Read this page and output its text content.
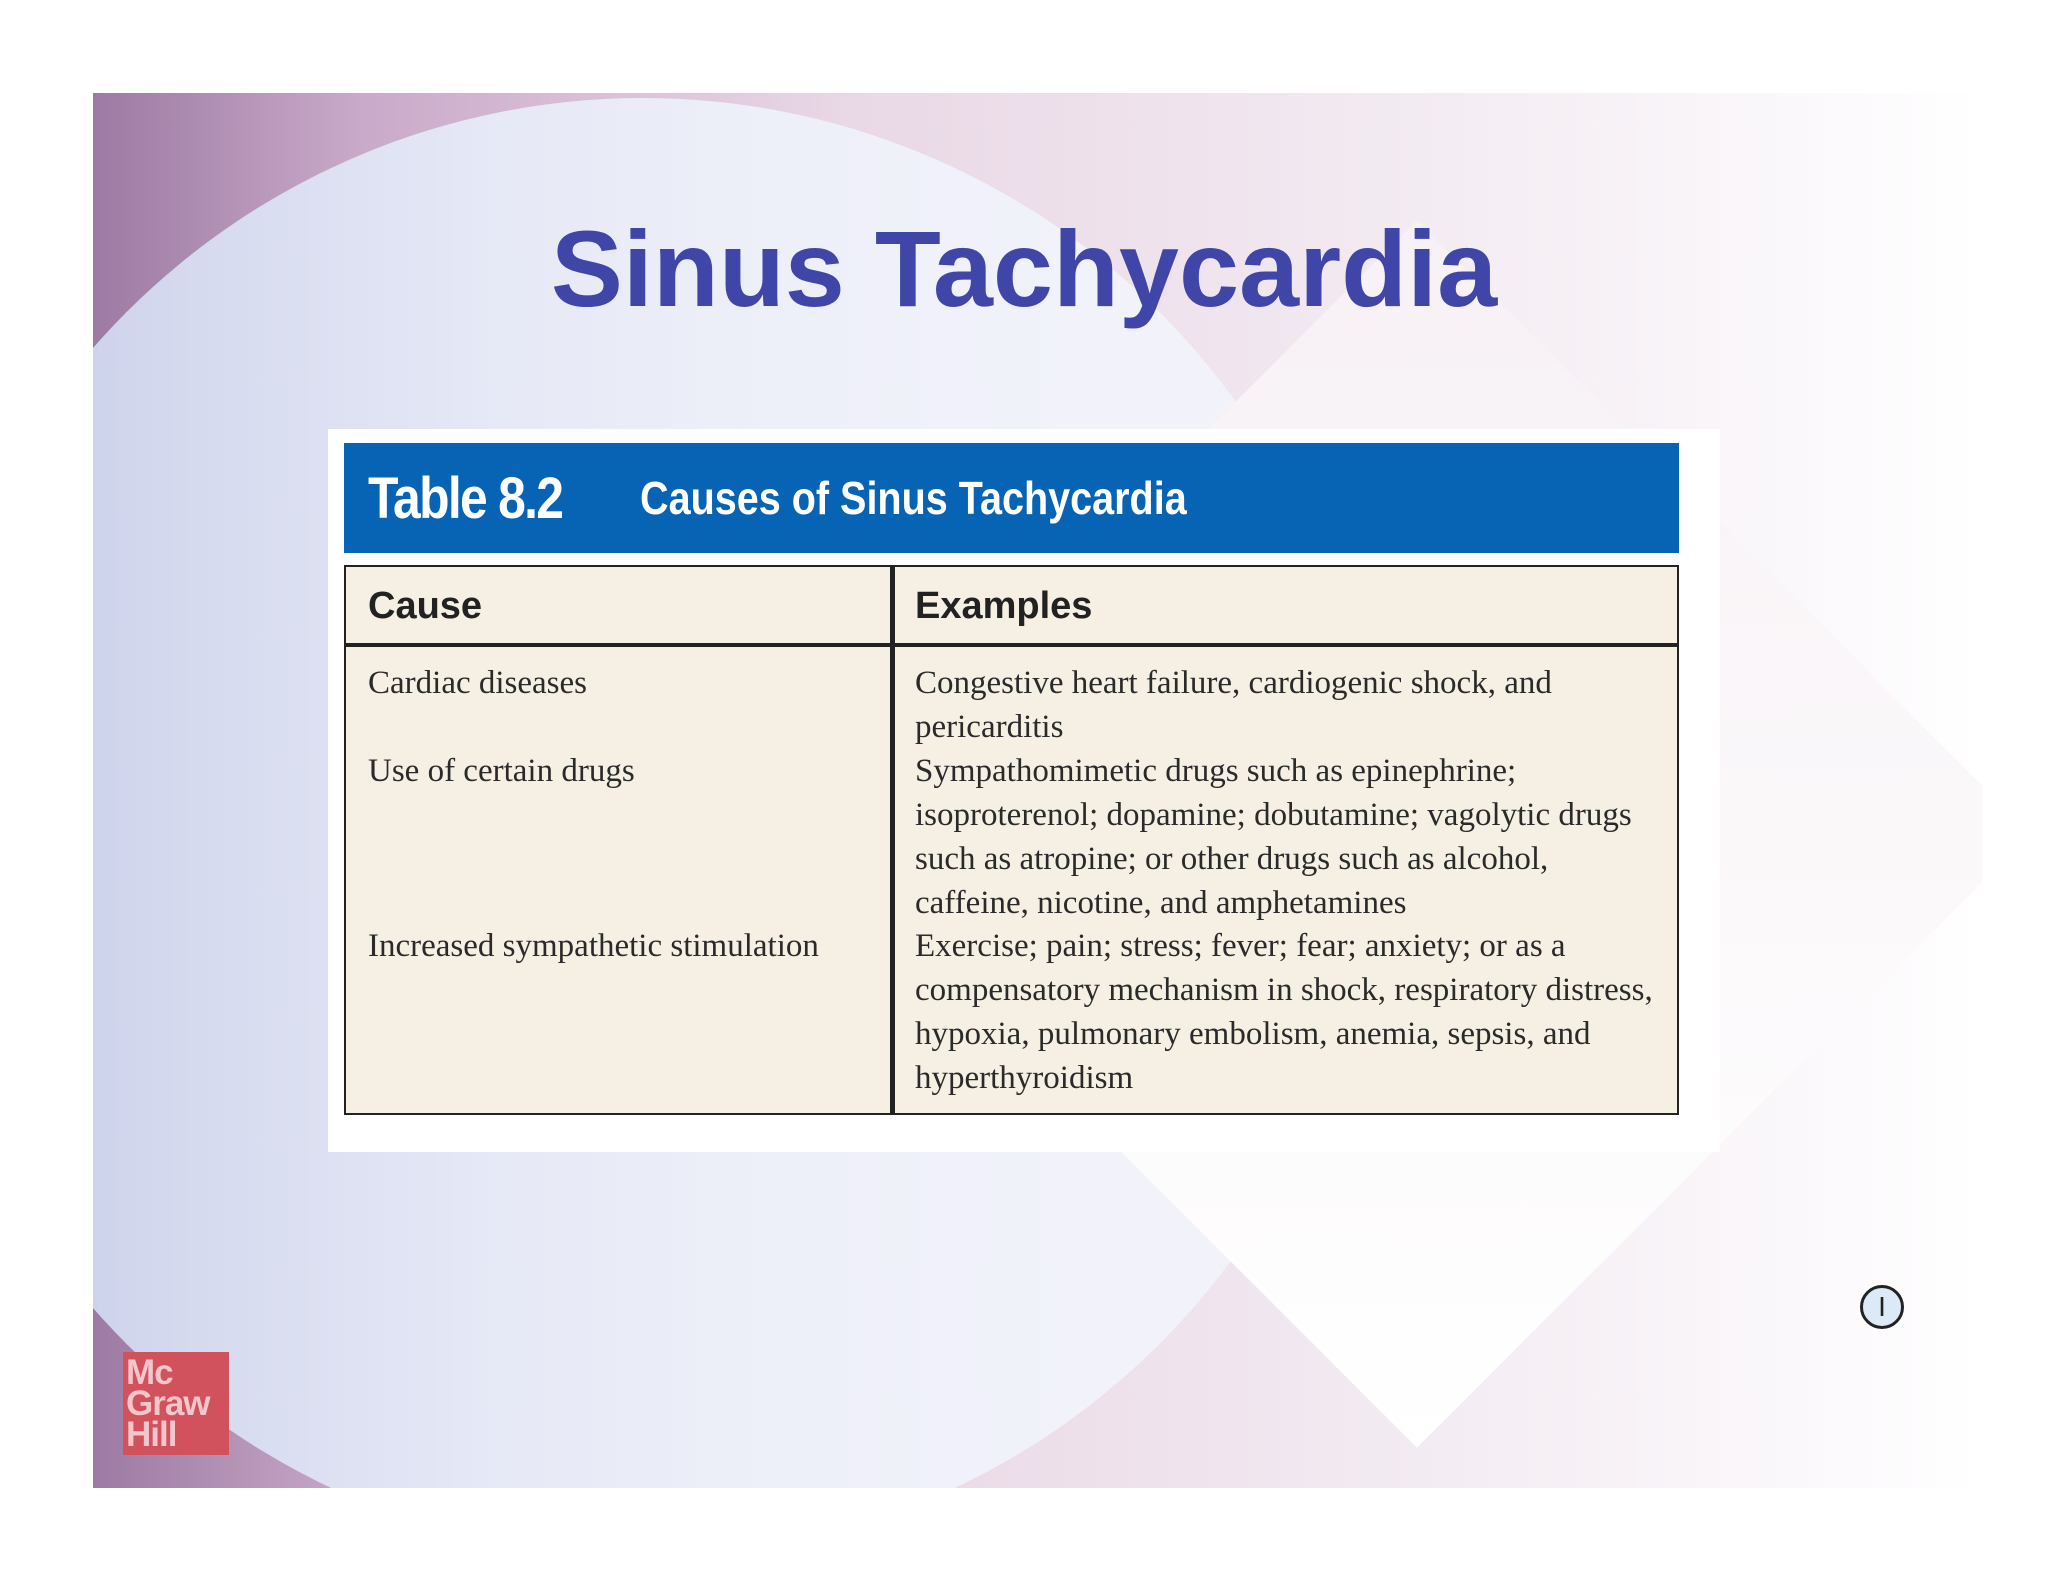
Sinus Tachycardia
Table 8.2 Causes of Sinus Tachycardia
Cause	Examples
Cardiac diseases	Congestive heart failure, cardiogenic shock, and pericarditis
Use of certain drugs	Sympathomimetic drugs such as epinephrine; isoproterenol; dopamine; dobutamine; vagolytic drugs such as atropine; or other drugs such as alcohol, caffeine, nicotine, and amphetamines
Increased sympathetic stimulation	Exercise; pain; stress; fever; fear; anxiety; or as a compensatory mechanism in shock, respiratory distress, hypoxia, pulmonary embolism, anemia, sepsis, and hyperthyroidism
I
Mc
Graw
Hill
